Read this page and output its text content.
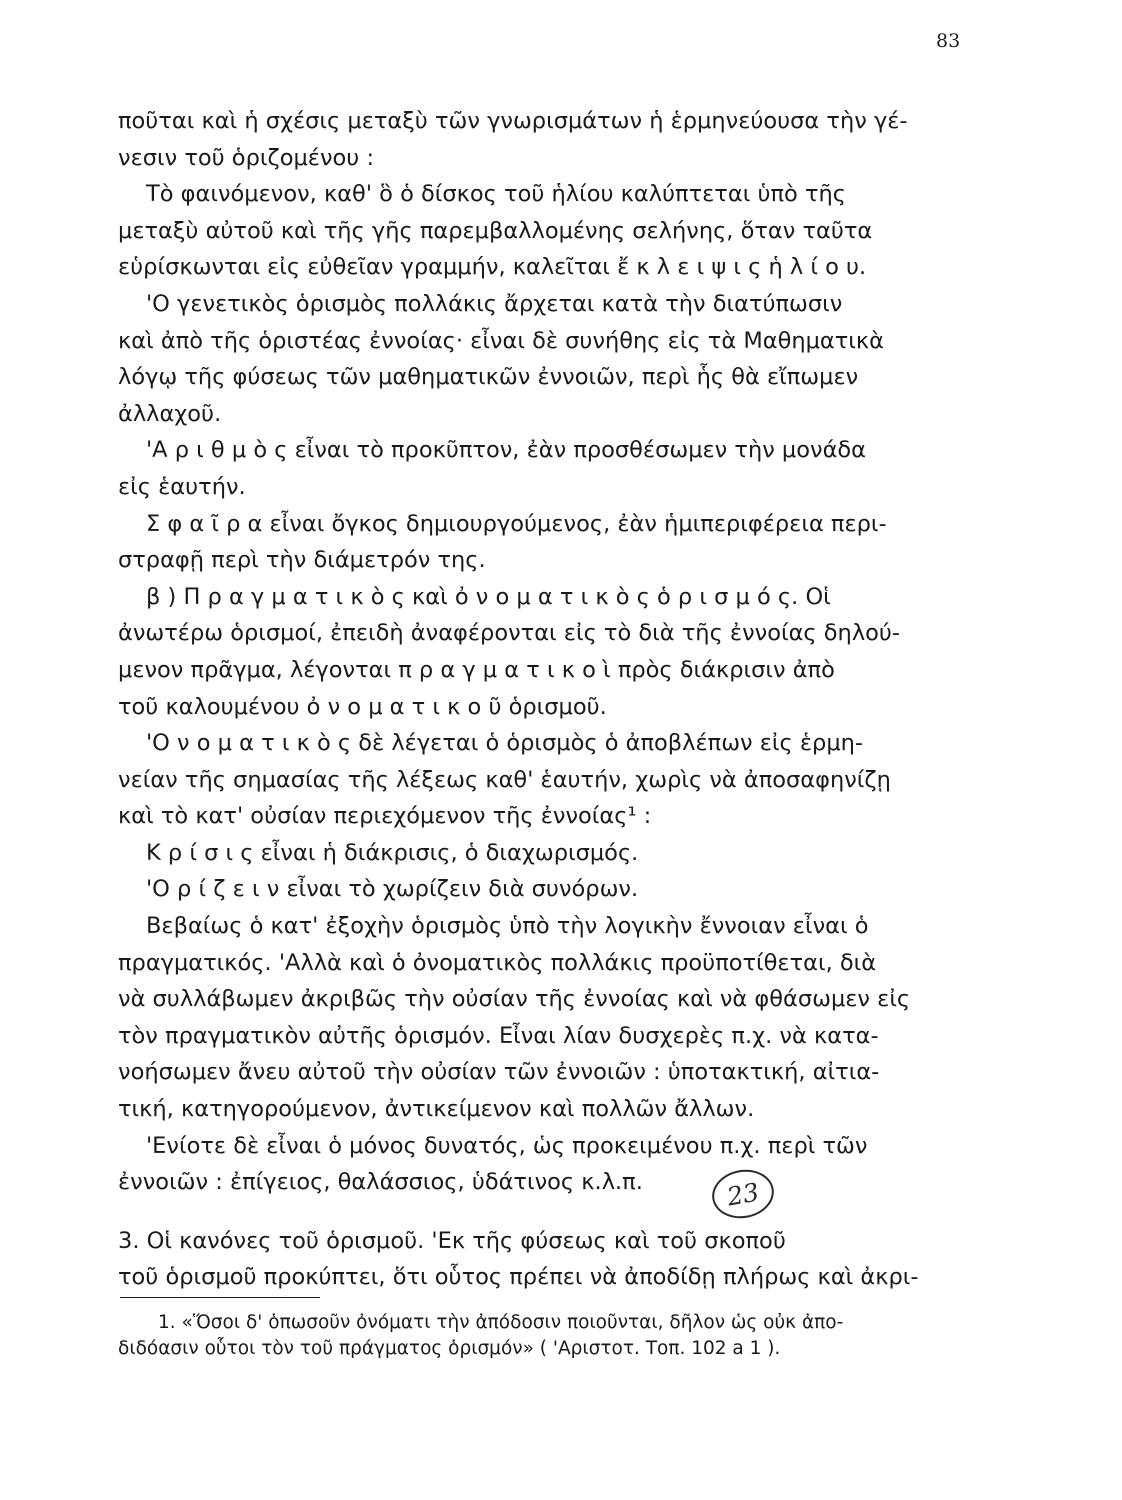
83
ποῦται καὶ ἡ σχέσις μεταξὺ τῶν γνωρισμάτων ἡ ἑρμηνεύουσα τὴν γέ-
νεσιν τοῦ ὁριζομένου :
Τὸ φαινόμενον, καθ' ὃ ὁ δίσκος τοῦ ἡλίου καλύπτεται ὑπὸ τῆς
μεταξὺ αὐτοῦ καὶ τῆς γῆς παρεμβαλλομένης σελήνης, ὅταν ταῦτα
εὑρίσκωνται εἰς εὐθεῖαν γραμμήν, καλεῖται ἔ κ λ ε ι ψ ι ς ἡ λ ί ο υ.
'Ο γενετικὸς ὁρισμὸς πολλάκις ἄρχεται κατὰ τὴν διατύπωσιν
καὶ ἀπὸ τῆς ὁριστέας ἐννοίας· εἶναι δὲ συνήθης εἰς τὰ Μαθηματικὰ
λόγῳ τῆς φύσεως τῶν μαθηματικῶν ἐννοιῶν, περὶ ἧς θὰ εἴπωμεν
ἀλλαχοῦ.
'Α ρ ι θ μ ὸ ς εἶναι τὸ προκῦπτον, ἐὰν προσθέσωμεν τὴν μονάδα
εἰς ἑαυτήν.
Σ φ α ῖ ρ α εἶναι ὄγκος δημιουργούμενος, ἐὰν ἡμιπεριφέρεια περι-
στραφῇ περὶ τὴν διάμετρόν της.
β ) Π ρ α γ μ α τ ι κ ὸ ς καὶ ὀ ν ο μ α τ ι κ ὸ ς ὁ ρ ι σ μ ό ς. Οἱ
ἀνωτέρω ὁρισμοί, ἐπειδὴ ἀναφέρονται εἰς τὸ διὰ τῆς ἐννοίας δηλού-
μενον πρᾶγμα, λέγονται π ρ α γ μ α τ ι κ ο ὶ πρὸς διάκρισιν ἀπὸ
τοῦ καλουμένου ὀ ν ο μ α τ ι κ ο ῦ ὁρισμοῦ.
'Ο ν ο μ α τ ι κ ὸ ς δὲ λέγεται ὁ ὁρισμὸς ὁ ἀποβλέπων εἰς ἑρμη-
νείαν τῆς σημασίας τῆς λέξεως καθ' ἑαυτήν, χωρὶς νὰ ἀποσαφηνίζῃ
καὶ τὸ κατ' οὐσίαν περιεχόμενον τῆς ἐννοίας¹ :
Κ ρ ί σ ι ς εἶναι ἡ διάκρισις, ὁ διαχωρισμός.
'Ο ρ ί ζ ε ι ν εἶναι τὸ χωρίζειν διὰ συνόρων.
Βεβαίως ὁ κατ' ἐξοχὴν ὁρισμὸς ὑπὸ τὴν λογικὴν ἔννοιαν εἶναι ὁ
πραγματικός. 'Αλλὰ καὶ ὁ ὀνοματικὸς πολλάκις προϋποτίθεται, διὰ
νὰ συλλάβωμεν ἀκριβῶς τὴν οὐσίαν τῆς ἐννοίας καὶ νὰ φθάσωμεν εἰς
τὸν πραγματικὸν αὐτῆς ὁρισμόν. Εἶναι λίαν δυσχερὲς π.χ. νὰ κατα-
νοήσωμεν ἄνευ αὐτοῦ τὴν οὐσίαν τῶν ἐννοιῶν : ὑποτακτική, αἰτια-
τική, κατηγορούμενον, ἀντικείμενον καὶ πολλῶν ἄλλων.
'Ενίοτε δὲ εἶναι ὁ μόνος δυνατός, ὡς προκειμένου π.χ. περὶ τῶν
ἐννοιῶν : ἐπίγειος, θαλάσσιος, ὑδάτινος κ.λ.π.
3. Οἱ κανόνες τοῦ ὁρισμοῦ. 'Εκ τῆς φύσεως καὶ τοῦ σκοποῦ
τοῦ ὁρισμοῦ προκύπτει, ὅτι οὗτος πρέπει νὰ ἀποδίδῃ πλήρως καὶ ἀκρι-
23
1. «Ὅσοι δ' ὁπωσοῦν ὀνόματι τὴν ἀπόδοσιν ποιοῦνται, δῆλον ὡς οὐκ ἀπο-
διδόασιν οὗτοι τὸν τοῦ πράγματος ὁρισμόν» ( 'Αριστοτ. Τοπ. 102 a 1 ).
